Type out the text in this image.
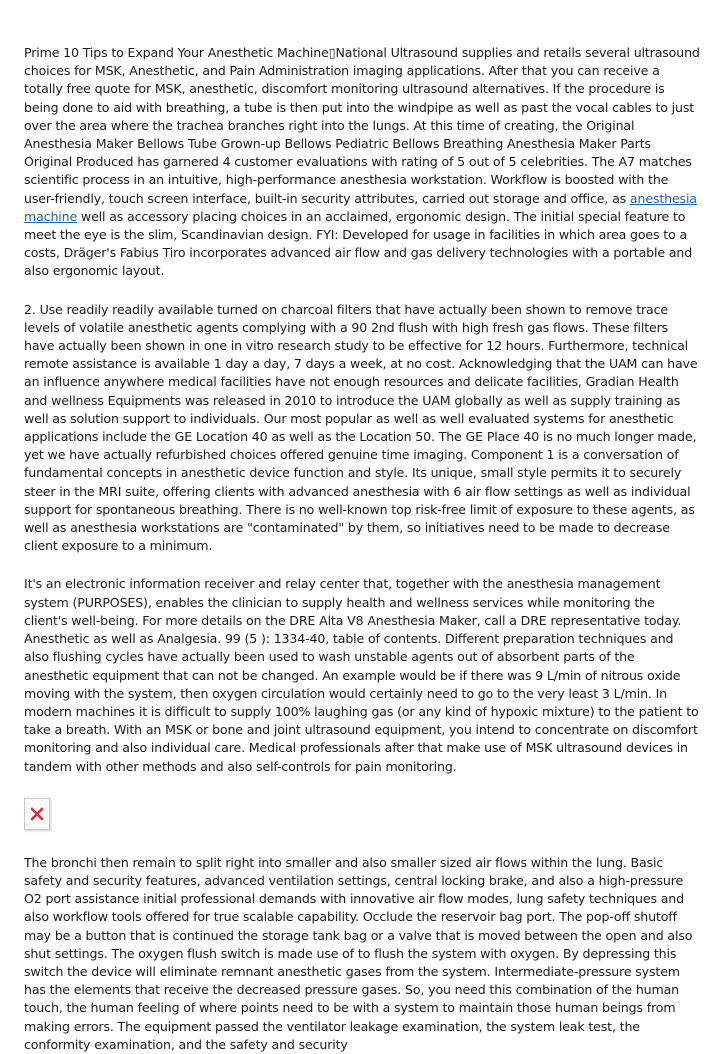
Prime 10 Tips to Expand Your Anesthetic Machine▯National Ultrasound supplies and retails several ultrasound choices for MSK, Anesthetic, and Pain Administration imaging applications. After that you can receive a totally free quote for MSK, anesthetic, discomfort monitoring ultrasound alternatives. If the procedure is being done to aid with breathing, a tube is then put into the windpipe as well as past the vocal cables to just over the area where the trachea branches right into the lungs. At this time of creating, the Original Anesthesia Maker Bellows Tube Grown-up Bellows Pediatric Bellows Breathing Anesthesia Maker Parts Original Produced has garnered 4 customer evaluations with rating of 5 out of 5 celebrities. The A7 matches scientific process in an intuitive, high-performance anesthesia workstation. Workflow is boosted with the user-friendly, touch screen interface, built-in security attributes, carried out storage and office, as anesthesia machine well as accessory placing choices in an acclaimed, ergonomic design. The initial special feature to meet the eye is the slim, Scandinavian design. FYI: Developed for usage in facilities in which area goes to a costs, Dräger's Fabius Tiro incorporates advanced air flow and gas delivery technologies with a portable and also ergonomic layout.

2. Use readily readily available turned on charcoal filters that have actually been shown to remove trace levels of volatile anesthetic agents complying with a 90 2nd flush with high fresh gas flows. These filters have actually been shown in one in vitro research study to be effective for 12 hours. Furthermore, technical remote assistance is available 1 day a day, 7 days a week, at no cost. Acknowledging that the UAM can have an influence anywhere medical facilities have not enough resources and delicate facilities, Gradian Health and wellness Equipments was released in 2010 to introduce the UAM globally as well as supply training as well as solution support to individuals. Our most popular as well as well evaluated systems for anesthetic applications include the GE Location 40 as well as the Location 50. The GE Place 40 is no much longer made, yet we have actually refurbished choices offered genuine time imaging. Component 1 is a conversation of fundamental concepts in anesthetic device function and style. Its unique, small style permits it to securely steer in the MRI suite, offering clients with advanced anesthesia with 6 air flow settings as well as individual support for spontaneous breathing. There is no well-known top risk-free limit of exposure to these agents, as well as anesthesia workstations are "contaminated" by them, so initiatives need to be made to decrease client exposure to a minimum.

It's an electronic information receiver and relay center that, together with the anesthesia management system (PURPOSES), enables the clinician to supply health and wellness services while monitoring the client's well-being. For more details on the DRE Alta V8 Anesthesia Maker, call a DRE representative today. Anesthetic as well as Analgesia. 99 (5 ): 1334-40, table of contents. Different preparation techniques and also flushing cycles have actually been used to wash unstable agents out of absorbent parts of the anesthetic equipment that can not be changed. An example would be if there was 9 L/min of nitrous oxide moving with the system, then oxygen circulation would certainly need to go to the very least 3 L/min. In modern machines it is difficult to supply 100% laughing gas (or any kind of hypoxic mixture) to the patient to take a breath. With an MSK or bone and joint ultrasound equipment, you intend to concentrate on discomfort monitoring and also individual care. Medical professionals after that make use of MSK ultrasound devices in tandem with other methods and also self-controls for pain monitoring.

The bronchi then remain to split right into smaller and also smaller sized air flows within the lung. Basic safety and security features, advanced ventilation settings, central locking brake, and also a high-pressure O2 port assistance initial professional demands with innovative air flow modes, lung safety techniques and also workflow tools offered for true scalable capability. Occlude the reservoir bag port. The pop-off shutoff may be a button that is continued the storage tank bag or a valve that is moved between the open and also shut settings. The oxygen flush switch is made use of to flush the system with oxygen. By depressing this switch the device will eliminate remnant anesthetic gases from the system. Intermediate-pressure system has the elements that receive the decreased pressure gases. So, you need this combination of the human touch, the human feeling of where points need to be with a system to maintain those human beings from making errors. The equipment passed the ventilator leakage examination, the system leak test, the conformity examination, and the safety and security
